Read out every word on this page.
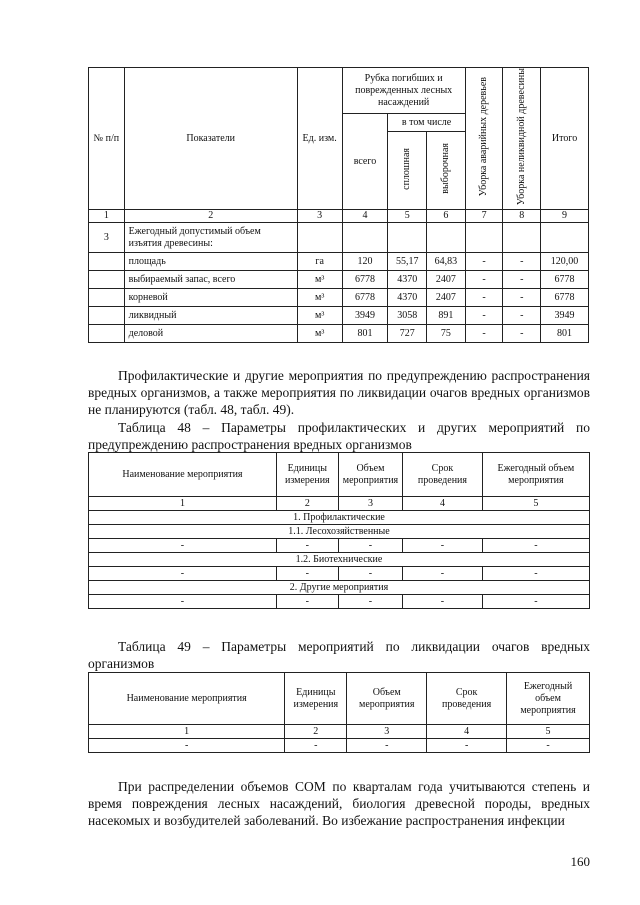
№ п/п	Показатели	Ед. изм.	Рубка погибших и поврежденных лесных насаждений			Уборка аварийных деревьев	Уборка неликвидной древесины	Итого
			всего	в том числе				
				сплошная	выборочная			
1	2	3	4	5	6	7	8	9
3	Ежегодный допустимый объем изъятия древесины:							
	площадь	га	120	55,17	64,83	-	-	120,00
	выбираемый запас, всего	м³	6778	4370	2407	-	-	6778
	корневой	м³	6778	4370	2407	-	-	6778
	ликвидный	м³	3949	3058	891	-	-	3949
	деловой	м³	801	727	75	-	-	801
Профилактические и другие мероприятия по предупреждению распространения вредных организмов, а также мероприятия по ликвидации очагов вредных организмов не планируются (табл. 48, табл. 49).
Таблица 48 – Параметры профилактических и других мероприятий по предупреждению распространения вредных организмов
Наименование мероприятия	Единицы измерения	Объем мероприятия	Срок проведения	Ежегодный объем мероприятия
1	2	3	4	5
1. Профилактические				
1.1. Лесохозяйственные				
-	-	-	-	-
1.2. Биотехнические				
-	-	-	-	-
2. Другие мероприятия				
-	-	-	-	-
Таблица 49 – Параметры мероприятий по ликвидации очагов вредных организмов
Наименование мероприятия	Единицы измерения	Объем мероприятия	Срок проведения	Ежегодный объем мероприятия
1	2	3	4	5
-	-	-	-	-
При распределении объемов СОМ по кварталам года учитываются степень и время повреждения лесных насаждений, биология древесной породы, вредных насекомых и возбудителей заболеваний. Во избежание распространения инфекции
160
